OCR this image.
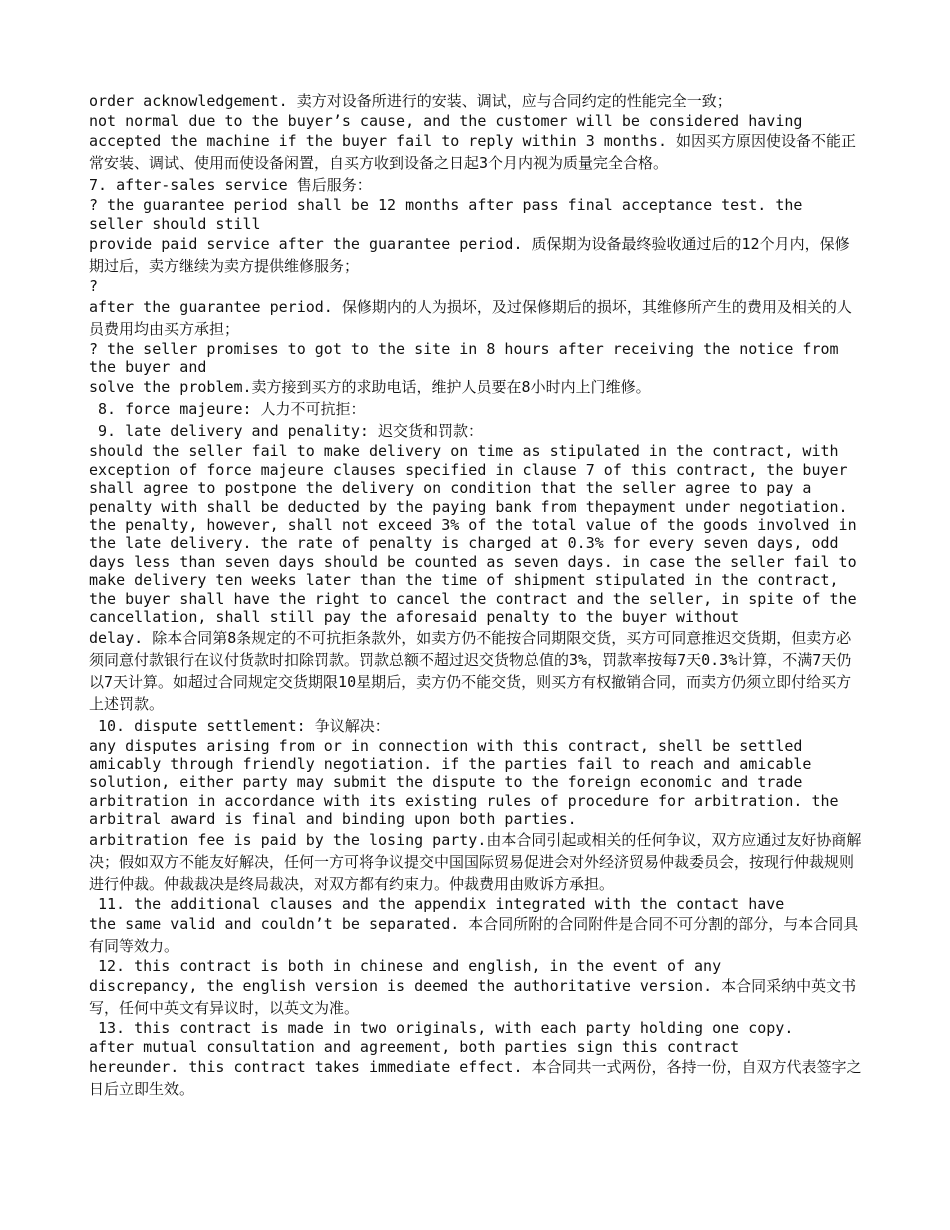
order acknowledgement. 卖方对设备所进行的安装、调试，应与合同约定的性能完全一致；

not normal due to the buyer’s cause, and the customer will be considered having

accepted the machine if the buyer fail to reply within 3 months. 如因买方原因使设备不能正常安装、调试、使用而使设备闲置，自买方收到设备之日起3个月内视为质量完全合格。

7. after-sales service 售后服务：

? the guarantee period shall be 12 months after pass final acceptance test. the seller should still

provide paid service after the guarantee period. 质保期为设备最终验收通过后的12个月内，保修期过后，卖方继续为卖方提供维修服务；

?

after the guarantee period. 保修期内的人为损坏，及过保修期后的损坏，其维修所产生的费用及相关的人员费用均由买方承担；

? the seller promises to got to the site in 8 hours after receiving the notice from the buyer and

solve the problem.卖方接到买方的求助电话，维护人员要在8小时内上门维修。

8. force majeure: 人力不可抗拒：

9. late delivery and penality: 迟交货和罚款：

should the seller fail to make delivery on time as stipulated in the contract, with exception of force majeure clauses specified in clause 7 of this contract, the buyer shall agree to postpone the delivery on condition that the seller agree to pay a penalty with shall be deducted by the paying bank from thepayment under negotiation. the penalty, however, shall not exceed 3% of the total value of the goods involved in the late delivery. the rate of penalty is charged at 0.3% for every seven days, odd days less than seven days should be counted as seven days. in case the seller fail to make delivery ten weeks later than the time of shipment stipulated in the contract, the buyer shall have the right to cancel the contract and the seller, in spite of the cancellation, shall still pay the aforesaid penalty to the buyer without

delay. 除本合同第8条规定的不可抗拒条款外，如卖方仍不能按合同期限交货，买方可同意推迟交货期，但卖方必须同意付款银行在议付货款时扣除罚款。罚款总额不超过迟交货物总值的3%，罚款率按每7天0.3%计算，不满7天仍以7天计算。如超过合同规定交货期限10星期后，卖方仍不能交货，则买方有权撤销合同，而卖方仍须立即付给买方上述罚款。

10. dispute settlement: 争议解决：

any disputes arising from or in connection with this contract, shell be settled amicably through friendly negotiation. if the parties fail to reach and amicable solution, either party may submit the dispute to the foreign economic and trade arbitration in accordance with its existing rules of procedure for arbitration. the arbitral award is final and binding upon both parties.

arbitration fee is paid by the losing party.由本合同引起或相关的任何争议，双方应通过友好协商解决；假如双方不能友好解决，任何一方可将争议提交中国国际贸易促进会对外经济贸易仲裁委员会，按现行仲裁规则进行仲裁。仲裁裁决是终局裁决，对双方都有约束力。仲裁费用由败诉方承担。

11. the additional clauses and the appendix integrated with the contact have

the same valid and couldn’t be separated. 本合同所附的合同附件是合同不可分割的部分，与本合同具有同等效力。

12. this contract is both in chinese and english, in the event of any

discrepancy, the english version is deemed the authoritative version. 本合同采纳中英文书写，任何中英文有异议时，以英文为准。

13. this contract is made in two originals, with each party holding one copy.

after mutual consultation and agreement, both parties sign this contract

hereunder. this contract takes immediate effect. 本合同共一式两份，各持一份，自双方代表签字之日后立即生效。
